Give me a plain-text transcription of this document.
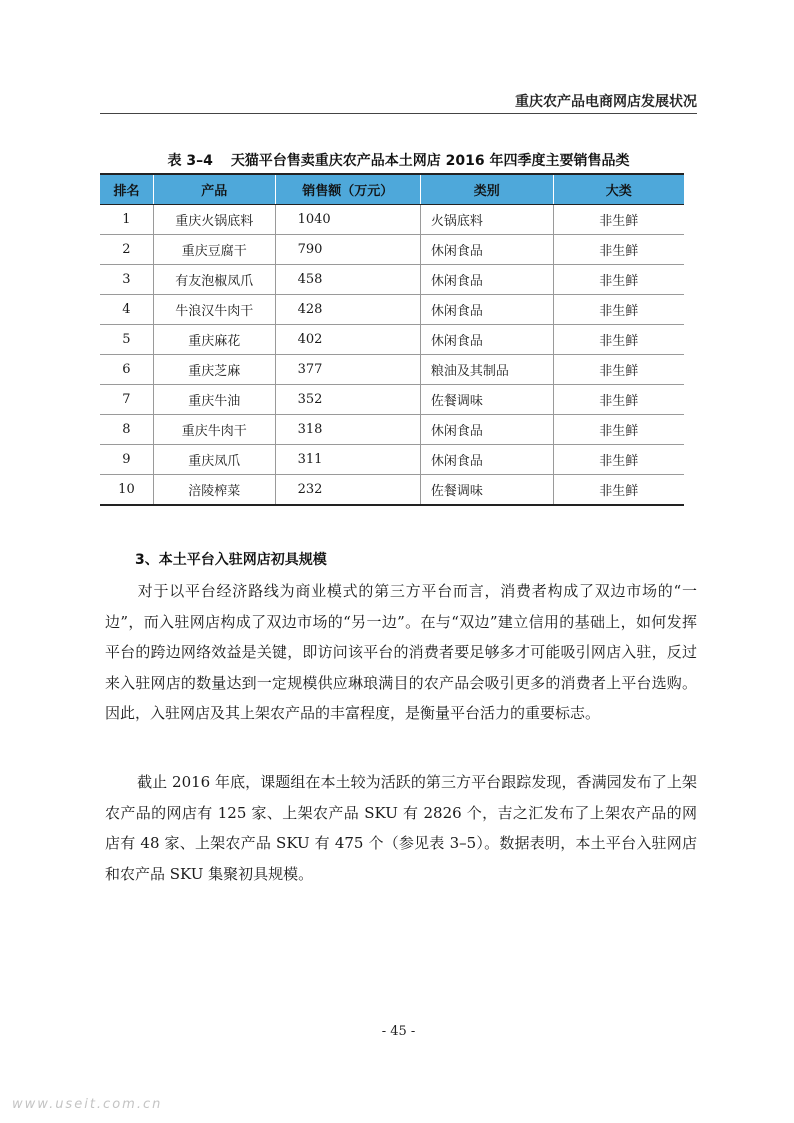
重庆农产品电商网店发展状况
表 3–4 天猫平台售卖重庆农产品本土网店 2016 年四季度主要销售品类
排名	产品	销售额（万元）	类别	大类
1	重庆火锅底料	1040	火锅底料	非生鲜
2	重庆豆腐干	790	休闲食品	非生鲜
3	有友泡椒凤爪	458	休闲食品	非生鲜
4	牛浪汉牛肉干	428	休闲食品	非生鲜
5	重庆麻花	402	休闲食品	非生鲜
6	重庆芝麻	377	粮油及其制品	非生鲜
7	重庆牛油	352	佐餐调味	非生鲜
8	重庆牛肉干	318	休闲食品	非生鲜
9	重庆凤爪	311	休闲食品	非生鲜
10	涪陵榨菜	232	佐餐调味	非生鲜
3、本土平台入驻网店初具规模

对于以平台经济路线为商业模式的第三方平台而言，消费者构成了双边市场的“一边”，而入驻网店构成了双边市场的“另一边”。在与“双边”建立信用的基础上，如何发挥平台的跨边网络效益是关键，即访问该平台的消费者要足够多才可能吸引网店入驻，反过来入驻网店的数量达到一定规模供应琳琅满目的农产品会吸引更多的消费者上平台选购。因此，入驻网店及其上架农产品的丰富程度，是衡量平台活力的重要标志。

截止 2016 年底，课题组在本土较为活跃的第三方平台跟踪发现，香满园发布了上架农产品的网店有 125 家、上架农产品 SKU 有 2826 个，吉之汇发布了上架农产品的网店有 48 家、上架农产品 SKU 有 475 个（参见表 3–5）。数据表明，本土平台入驻网店和农产品 SKU 集聚初具规模。

- 45 -
www.useit.com.cn
